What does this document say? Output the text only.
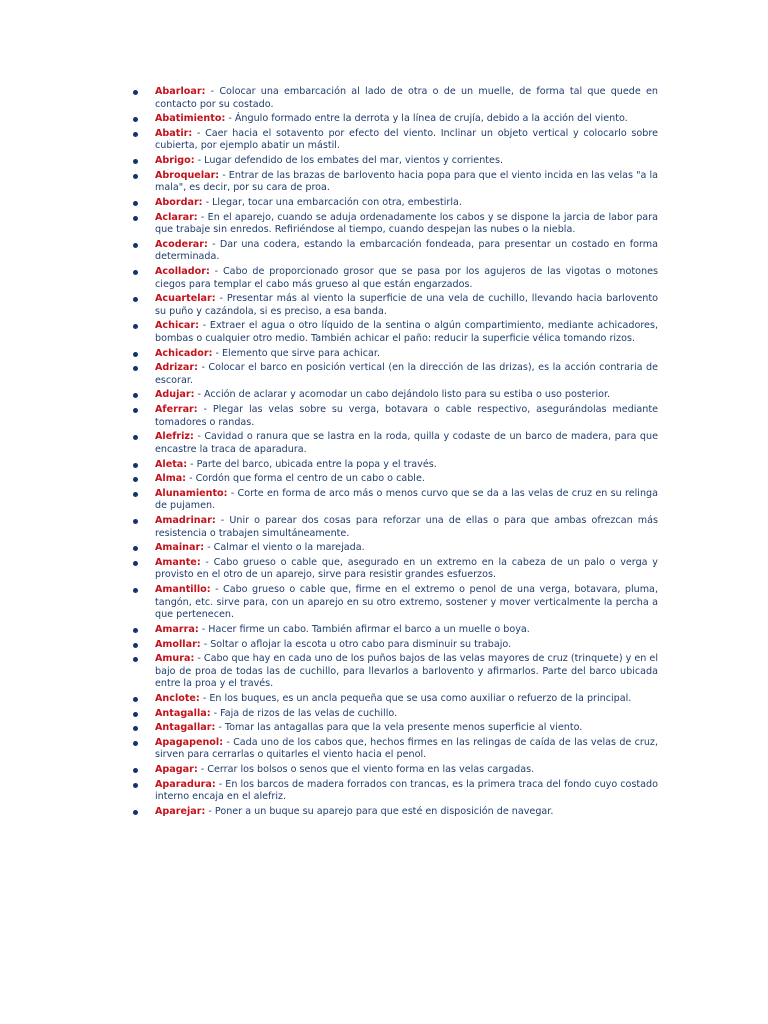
Abarloar: - Colocar una embarcación al lado de otra o de un muelle, de forma tal que quede en contacto por su costado.
Abatimiento: - Ángulo formado entre la derrota y la línea de crujía, debido a la acción del viento.
Abatir: - Caer hacia el sotavento por efecto del viento. Inclinar un objeto vertical y colocarlo sobre cubierta, por ejemplo abatir un mástil.
Abrigo: - Lugar defendido de los embates del mar, vientos y corrientes.
Abroquelar: - Entrar de las brazas de barlovento hacia popa para que el viento incida en las velas "a la mala", es decir, por su cara de proa.
Abordar: - Llegar, tocar una embarcación con otra, embestirla.
Aclarar: - En el aparejo, cuando se aduja ordenadamente los cabos y se dispone la jarcia de labor para que trabaje sin enredos. Refiriéndose al tiempo, cuando despejan las nubes o la niebla.
Acoderar: - Dar una codera, estando la embarcación fondeada, para presentar un costado en forma determinada.
Acollador: - Cabo de proporcionado grosor que se pasa por los agujeros de las vigotas o motones ciegos para templar el cabo más grueso al que están engarzados.
Acuartelar: - Presentar más al viento la superficie de una vela de cuchillo, llevando hacia barlovento su puño y cazándola, si es preciso, a esa banda.
Achicar: - Extraer el agua o otro líquido de la sentina o algún compartimiento, mediante achicadores, bombas o cualquier otro medio. También achicar el paño: reducir la superficie vélica tomando rizos.
Achicador: - Elemento que sirve para achicar.
Adrizar: - Colocar el barco en posición vertical (en la dirección de las drizas), es la acción contraria de escorar.
Adujar: - Acción de aclarar y acomodar un cabo dejándolo listo para su estiba o uso posterior.
Aferrar: - Plegar las velas sobre su verga, botavara o cable respectivo, asegurándolas mediante tomadores o randas.
Alefriz: - Cavidad o ranura que se lastra en la roda, quilla y codaste de un barco de madera, para que encastre la traca de aparadura.
Aleta: - Parte del barco, ubicada entre la popa y el través.
Alma: - Cordón que forma el centro de un cabo o cable.
Alunamiento: - Corte en forma de arco más o menos curvo que se da a las velas de cruz en su relinga de pujamen.
Amadrinar: - Unir o parear dos cosas para reforzar una de ellas o para que ambas ofrezcan más resistencia o trabajen simultáneamente.
Amainar: - Calmar el viento o la marejada.
Amante: - Cabo grueso o cable que, asegurado en un extremo en la cabeza de un palo o verga y provisto en el otro de un aparejo, sirve para resistir grandes esfuerzos.
Amantillo: - Cabo grueso o cable que, firme en el extremo o penol de una verga, botavara, pluma, tangón, etc. sirve para, con un aparejo en su otro extremo, sostener y mover verticalmente la percha a que pertenecen.
Amarra: - Hacer firme un cabo. También afirmar el barco a un muelle o boya.
Amollar: - Soltar o aflojar la escota u otro cabo para disminuir su trabajo.
Amura: - Cabo que hay en cada uno de los puños bajos de las velas mayores de cruz (trinquete) y en el bajo de proa de todas las de cuchillo, para llevarlos a barlovento y afirmarlos. Parte del barco ubicada entre la proa y el través.
Anclote: - En los buques, es un ancla pequeña que se usa como auxiliar o refuerzo de la principal.
Antagalla: - Faja de rizos de las velas de cuchillo.
Antagallar: - Tomar las antagallas para que la vela presente menos superficie al viento.
Apagapenol: - Cada uno de los cabos que, hechos firmes en las relingas de caída de las velas de cruz, sirven para cerrarlas o quitarles el viento hacia el penol.
Apagar: - Cerrar los bolsos o senos que el viento forma en las velas cargadas.
Aparadura: - En los barcos de madera forrados con trancas, es la primera traca del fondo cuyo costado interno encaja en el alefriz.
Aparejar: - Poner a un buque su aparejo para que esté en disposición de navegar.
